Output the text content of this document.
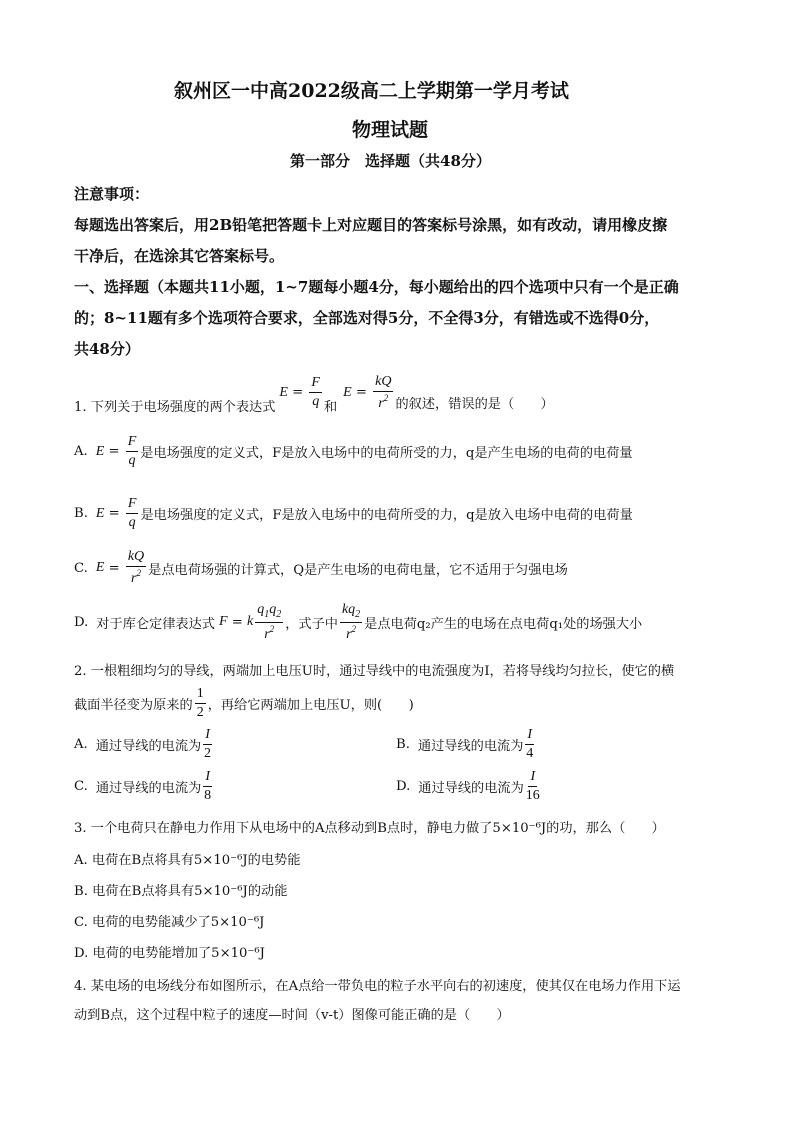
叙州区一中高2022级高二上学期第一学月考试
物理试题
第一部分　选择题（共48分）
注意事项：
每题选出答案后，用2B铅笔把答题卡上对应题目的答案标号涂黑，如有改动，请用橡皮擦
干净后，在选涂其它答案标号。
一、选择题（本题共11小题，1~7题每小题4分，每小题给出的四个选项中只有一个是正确
的；8~11题有多个选项符合要求，全部选对得5分，不全得3分，有错选或不选得0分，
共48分）
1. 下列关于电场强度的两个表达式
$E = \frac{F}{q}$ 和
$E = \frac{kQ}{r^2}$ 的叙述，错误的是（　　）
A. $E = \frac{F}{q}$ 是电场强度的定义式，F是放入电场中的电荷所受的力，q是产生电场的电荷的电荷量
B. $E = \frac{F}{q}$ 是电场强度的定义式，F是放入电场中的电荷所受的力，q是放入电场中电荷的电荷量
C. $E = \frac{kQ}{r^2}$ 是点电荷场强的计算式，Q是产生电场的电荷电量，它不适用于匀强电场
D. 对于库仑定律表达式 F = k $\frac{q_1q_2}{r^2}$ ，式子中 $\frac{kq_2}{r^2}$ 是点电荷q₂产生的电场在点电荷q₁处的场强大小
2. 一根粗细均匀的导线，两端加上电压U时，通过导线中的电流强度为I，若将导线均匀拉长，使它的横
截面半径变为原来的 $\frac{1}{2}$ ，再给它两端加上电压U，则(　　)
A. 通过导线的电流为 $\frac{I}{2}$	B. 通过导线的电流为 $\frac{I}{4}$
C. 通过导线的电流为 $\frac{I}{8}$	D. 通过导线的电流为 $\frac{I}{16}$
3. 一个电荷只在静电力作用下从电场中的A点移动到B点时，静电力做了5×10⁻⁶J的功，那么（　　）
A. 电荷在B点将具有5×10⁻⁶J的电势能
B. 电荷在B点将具有5×10⁻⁶J的动能
C. 电荷的电势能减少了5×10⁻⁶J
D. 电荷的电势能增加了5×10⁻⁶J
4. 某电场的电场线分布如图所示，在A点给一带负电的粒子水平向右的初速度，使其仅在电场力作用下运
动到B点，这个过程中粒子的速度—时间（v-t）图像可能正确的是（　　）
